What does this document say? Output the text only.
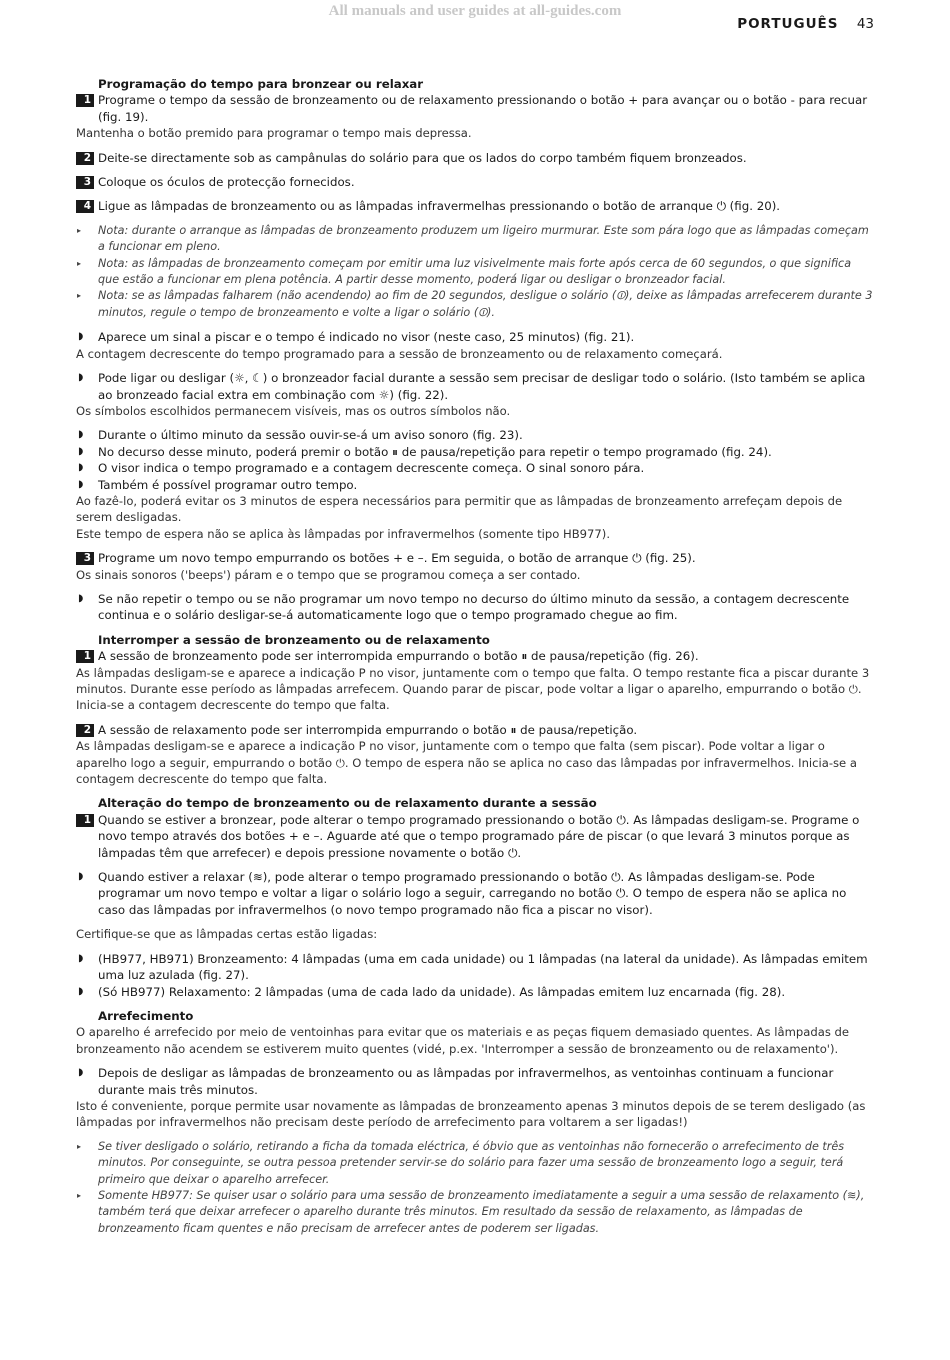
All manuals and user guides at all-guides.com
PORTUGUÊS 43
Programação do tempo para bronzear ou relaxar
1 Programe o tempo da sessão de bronzeamento ou de relaxamento pressionando o botão + para avançar ou o botão - para recuar (fig. 19).
Mantenha o botão premido para programar o tempo mais depressa.
2 Deite-se directamente sob as campânulas do solário para que os lados do corpo também fiquem bronzeados.
3 Coloque os óculos de protecção fornecidos.
4 Ligue as lâmpadas de bronzeamento ou as lâmpadas infravermelhas pressionando o botão de arranque ⏻ (fig. 20).
▸ Nota: durante o arranque as lâmpadas de bronzeamento produzem um ligeiro murmurar. Este som pára logo que as lâmpadas começam a funcionar em pleno.
▸ Nota: as lâmpadas de bronzeamento começam por emitir uma luz visivelmente mais forte após cerca de 60 segundos, o que significa que estão a funcionar em plena potência. A partir desse momento, poderá ligar ou desligar o bronzeador facial.
▸ Nota: se as lâmpadas falharem (não acendendo) ao fim de 20 segundos, desligue o solário (⏼), deixe as lâmpadas arrefecerem durante 3 minutos, regule o tempo de bronzeamento e volte a ligar o solário (⏼).
◗ Aparece um sinal a piscar e o tempo é indicado no visor (neste caso, 25 minutos) (fig. 21).
A contagem decrescente do tempo programado para a sessão de bronzeamento ou de relaxamento começará.
◗ Pode ligar ou desligar (☼, ☾) o bronzeador facial durante a sessão sem precisar de desligar todo o solário. (Isto também se aplica ao bronzeado facial extra em combinação com ☼) (fig. 22).
Os símbolos escolhidos permanecem visíveis, mas os outros símbolos não.
◗ Durante o último minuto da sessão ouvir-se-á um aviso sonoro (fig. 23).
◗ No decurso desse minuto, poderá premir o botão ⏸ de pausa/repetição para repetir o tempo programado (fig. 24).
◗ O visor indica o tempo programado e a contagem decrescente começa. O sinal sonoro pára.
◗ Também é possível programar outro tempo.
Ao fazê-lo, poderá evitar os 3 minutos de espera necessários para permitir que as lâmpadas de bronzeamento arrefeçam depois de serem desligadas.
Este tempo de espera não se aplica às lâmpadas por infravermelhos (somente tipo HB977).
3 Programe um novo tempo empurrando os botões + e –. Em seguida, o botão de arranque ⏻ (fig. 25).
Os sinais sonoros ('beeps') páram e o tempo que se programou começa a ser contado.
◗ Se não repetir o tempo ou se não programar um novo tempo no decurso do último minuto da sessão, a contagem decrescente continua e o solário desligar-se-á automaticamente logo que o tempo programado chegue ao fim.
Interromper a sessão de bronzeamento ou de relaxamento
1 A sessão de bronzeamento pode ser interrompida empurrando o botão ⏸ de pausa/repetição (fig. 26).
As lâmpadas desligam-se e aparece a indicação P no visor, juntamente com o tempo que falta. O tempo restante fica a piscar durante 3 minutos. Durante esse período as lâmpadas arrefecem. Quando parar de piscar, pode voltar a ligar o aparelho, empurrando o botão ⏻. Inicia-se a contagem decrescente do tempo que falta.
2 A sessão de relaxamento pode ser interrompida empurrando o botão ⏸ de pausa/repetição.
As lâmpadas desligam-se e aparece a indicação P no visor, juntamente com o tempo que falta (sem piscar). Pode voltar a ligar o aparelho logo a seguir, empurrando o botão ⏻. O tempo de espera não se aplica no caso das lâmpadas por infravermelhos. Inicia-se a contagem decrescente do tempo que falta.
Alteração do tempo de bronzeamento ou de relaxamento durante a sessão
1 Quando se estiver a bronzear, pode alterar o tempo programado pressionando o botão ⏻. As lâmpadas desligam-se. Programe o novo tempo através dos botões + e –. Aguarde até que o tempo programado páre de piscar (o que levará 3 minutos porque as lâmpadas têm que arrefecer) e depois pressione novamente o botão ⏻.
◗ Quando estiver a relaxar (≋), pode alterar o tempo programado pressionando o botão ⏻. As lâmpadas desligam-se. Pode programar um novo tempo e voltar a ligar o solário logo a seguir, carregando no botão ⏻. O tempo de espera não se aplica no caso das lâmpadas por infravermelhos (o novo tempo programado não fica a piscar no visor).
Certifique-se que as lâmpadas certas estão ligadas:
◗ (HB977, HB971) Bronzeamento: 4 lâmpadas (uma em cada unidade) ou 1 lâmpadas (na lateral da unidade). As lâmpadas emitem uma luz azulada (fig. 27).
◗ (Só HB977) Relaxamento: 2 lâmpadas (uma de cada lado da unidade). As lâmpadas emitem luz encarnada (fig. 28).
Arrefecimento
O aparelho é arrefecido por meio de ventoinhas para evitar que os materiais e as peças fiquem demasiado quentes. As lâmpadas de bronzeamento não acendem se estiverem muito quentes (vidé, p.ex. 'Interromper a sessão de bronzeamento ou de relaxamento').
◗ Depois de desligar as lâmpadas de bronzeamento ou as lâmpadas por infravermelhos, as ventoinhas continuam a funcionar durante mais três minutos.
Isto é conveniente, porque permite usar novamente as lâmpadas de bronzeamento apenas 3 minutos depois de se terem desligado (as lâmpadas por infravermelhos não precisam deste período de arrefecimento para voltarem a ser ligadas!)
▸ Se tiver desligado o solário, retirando a ficha da tomada eléctrica, é óbvio que as ventoinhas não fornecerão o arrefecimento de três minutos. Por conseguinte, se outra pessoa pretender servir-se do solário para fazer uma sessão de bronzeamento logo a seguir, terá primeiro que deixar o aparelho arrefecer.
▸ Somente HB977: Se quiser usar o solário para uma sessão de bronzeamento imediatamente a seguir a uma sessão de relaxamento (≋), também terá que deixar arrefecer o aparelho durante três minutos. Em resultado da sessão de relaxamento, as lâmpadas de bronzeamento ficam quentes e não precisam de arrefecer antes de poderem ser ligadas.
